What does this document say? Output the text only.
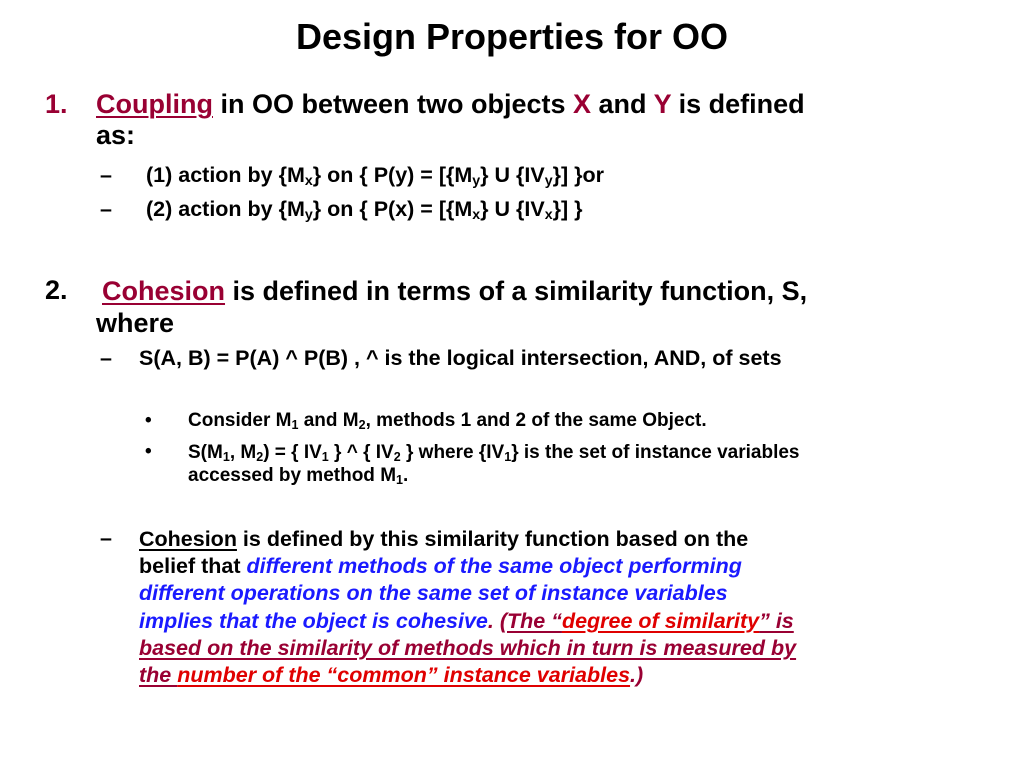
Design Properties for OO
1. Coupling in OO between two objects X and Y is defined
as:
– (1) action by $\{M_x\}$ on { $P(y) = [\{M_y\}$ U $\{IV_y\}$] }or
– (2) action by $\{M_y\}$ on { $P(x) = [\{M_x\}$ U $\{IV_x\}$] }
2. Cohesion is defined in terms of a similarity function, S,
where
– S(A, B) = P(A) ^ P(B) , ^ is the logical intersection, AND, of sets
• Consider $M_1$ and $M_2$, methods 1 and 2 of the same Object.
• $S(M_1$, $M_2$) = { $IV_1$ } ^ { $IV_2$ } where $\{IV_1\}$ is the set of instance variables
accessed by method $M_1$.
– Cohesion is defined by this similarity function based on the
belief that different methods of the same object performing
different operations on the same set of instance variables
implies that the object is cohesive. (The “degree of similarity” is
based on the similarity of methods which in turn is measured by
the number of the “common” instance variables.)
